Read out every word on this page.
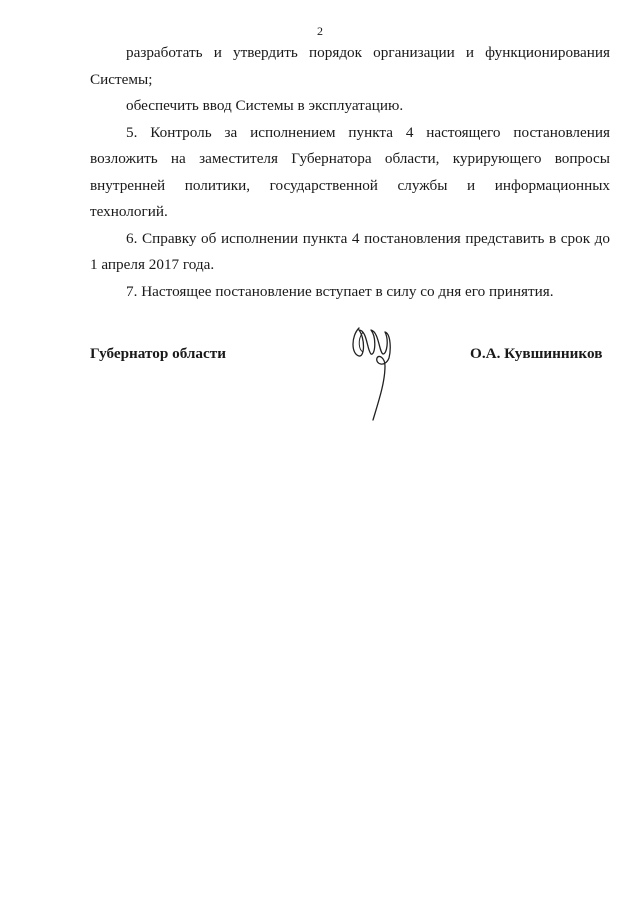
2

разработать и утвердить порядок организации и функционирования Системы;

обеспечить ввод Системы в эксплуатацию.

5. Контроль за исполнением пункта 4 настоящего постановления возложить на заместителя Губернатора области, курирующего вопросы внутренней политики, государственной службы и информационных технологий.

6. Справку об исполнении пункта 4 постановления представить в срок до 1 апреля 2017 года.

7. Настоящее постановление вступает в силу со дня его принятия.

Губернатор области	О.А. Кувшинников
